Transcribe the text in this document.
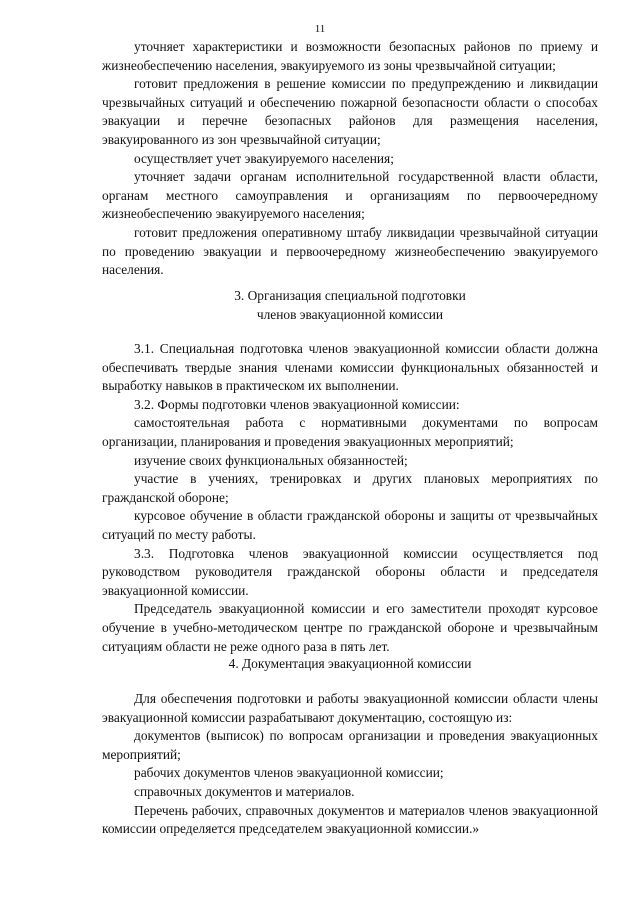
11

уточняет характеристики и возможности безопасных районов по приему и жизнеобеспечению населения, эвакуируемого из зоны чрезвычайной ситуации;

готовит предложения в решение комиссии по предупреждению и ликвидации чрезвычайных ситуаций и обеспечению пожарной безопасности области о способах эвакуации и перечне безопасных районов для размещения населения, эвакуированного из зон чрезвычайной ситуации;

осуществляет учет эвакуируемого населения;

уточняет задачи органам исполнительной государственной власти области, органам местного самоуправления и организациям по первоочередному жизнеобеспечению эвакуируемого населения;

готовит предложения оперативному штабу ликвидации чрезвычайной ситуации по проведению эвакуации и первоочередному жизнеобеспечению эвакуируемого населения.

3. Организация специальной подготовки

членов эвакуационной комиссии

3.1. Специальная подготовка членов эвакуационной комиссии области должна обеспечивать твердые знания членами комиссии функциональных обязанностей и выработку навыков в практическом их выполнении.

3.2. Формы подготовки членов эвакуационной комиссии:

самостоятельная работа с нормативными документами по вопросам организации, планирования и проведения эвакуационных мероприятий;

изучение своих функциональных обязанностей;

участие в учениях, тренировках и других плановых мероприятиях по гражданской обороне;

курсовое обучение в области гражданской обороны и защиты от чрезвычайных ситуаций по месту работы.

3.3. Подготовка членов эвакуационной комиссии осуществляется под руководством руководителя гражданской обороны области и председателя эвакуационной комиссии.

Председатель эвакуационной комиссии и его заместители проходят курсовое обучение в учебно-методическом центре по гражданской обороне и чрезвычайным ситуациям области не реже одного раза в пять лет.

4. Документация эвакуационной комиссии

Для обеспечения подготовки и работы эвакуационной комиссии области члены эвакуационной комиссии разрабатывают документацию, состоящую из:

документов (выписок) по вопросам организации и проведения эвакуационных мероприятий;

рабочих документов членов эвакуационной комиссии;

справочных документов и материалов.

Перечень рабочих, справочных документов и материалов членов эвакуационной комиссии определяется председателем эвакуационной комиссии.»
